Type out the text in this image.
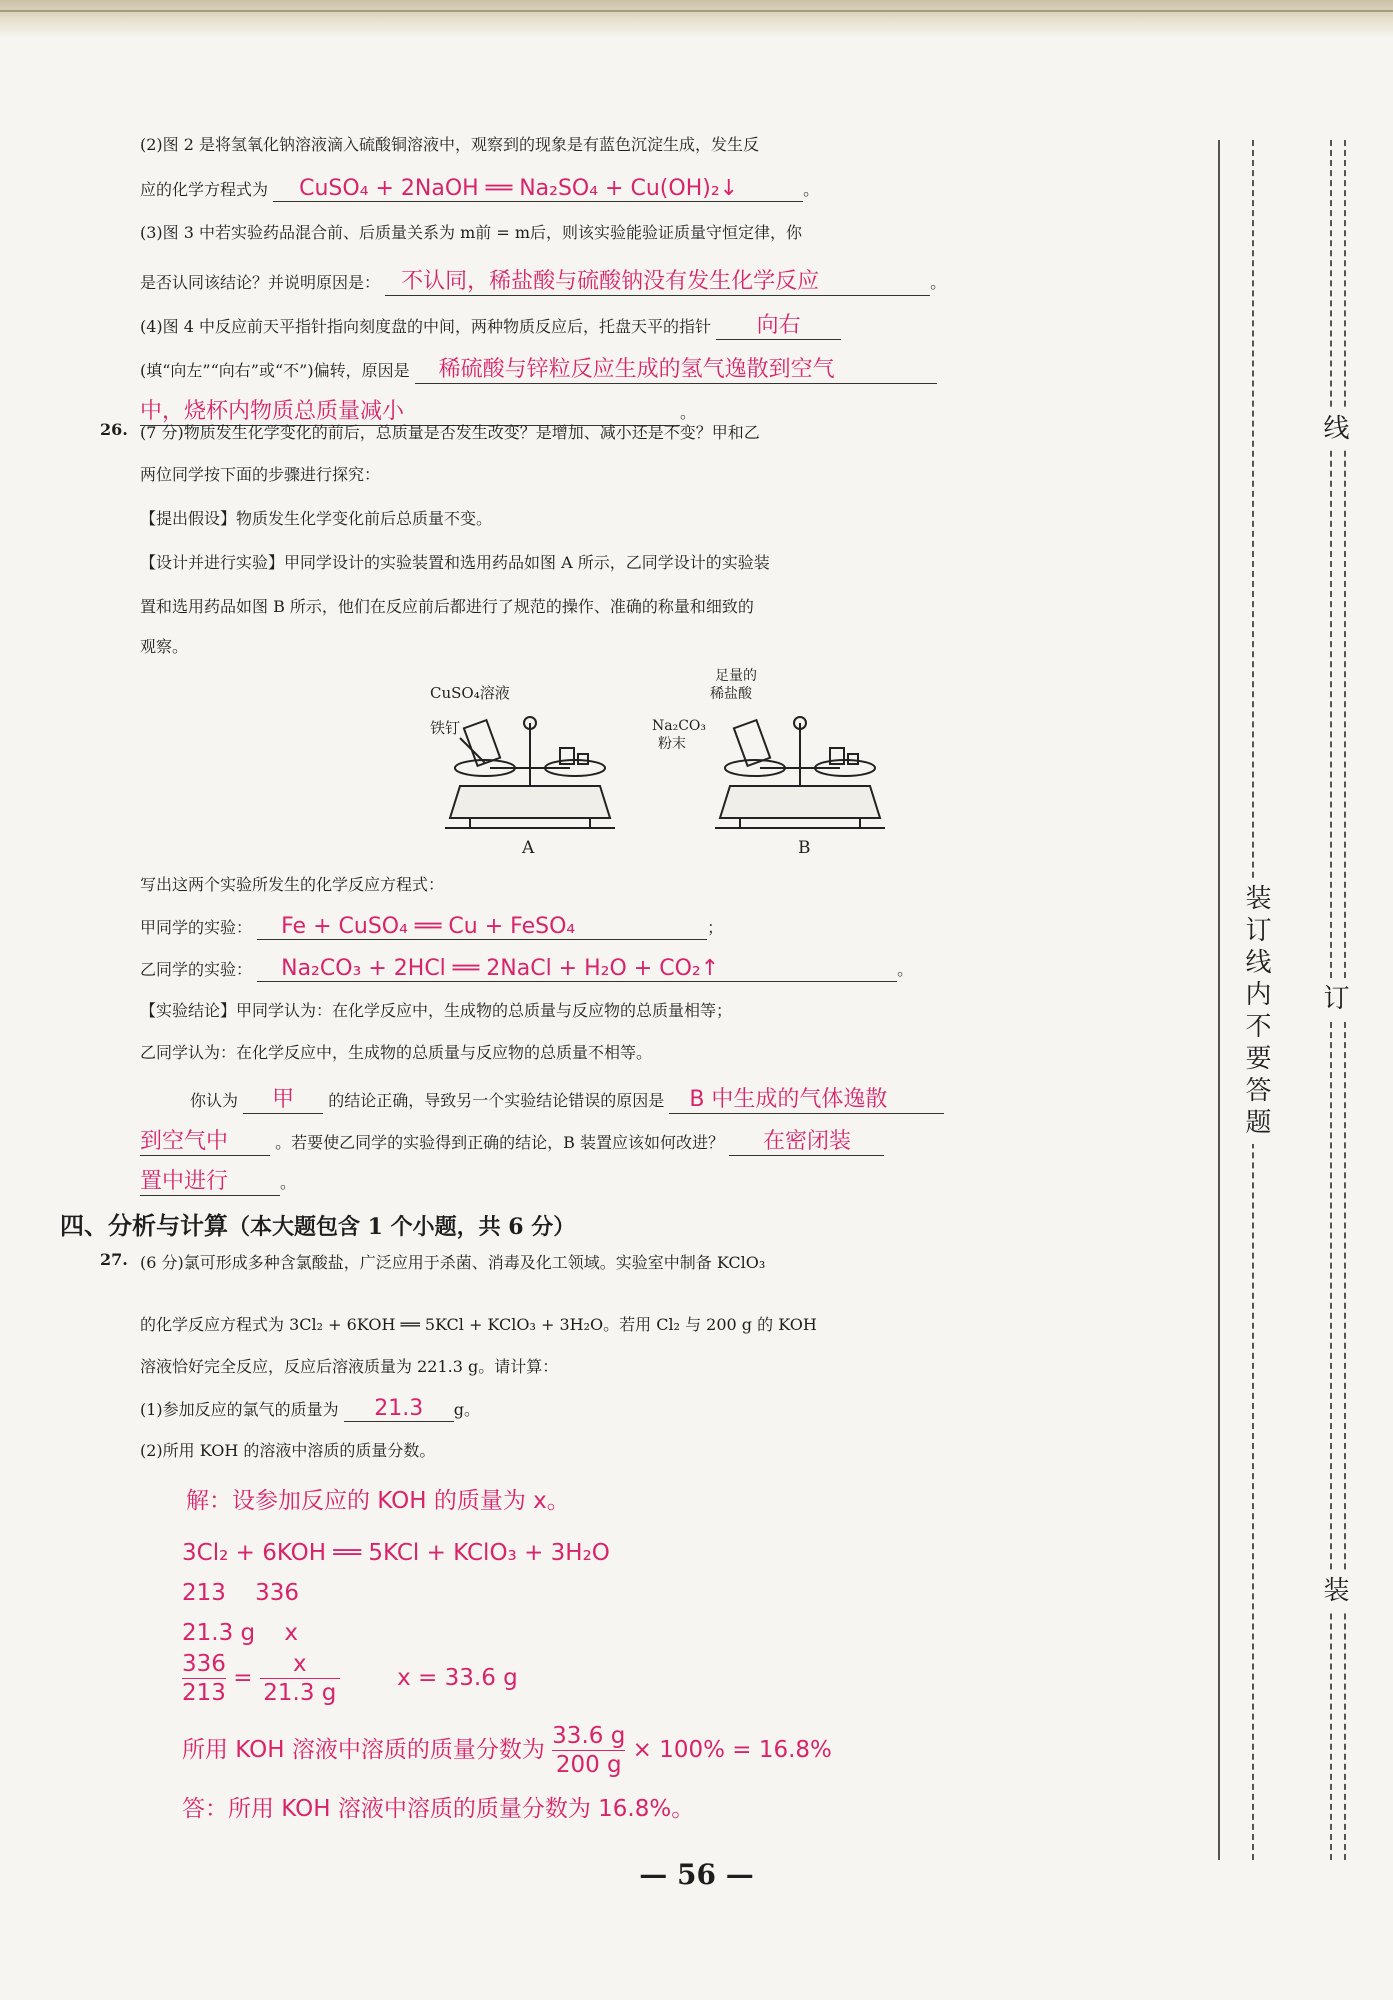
(2)图 2 是将氢氧化钠溶液滴入硫酸铜溶液中，观察到的现象是有蓝色沉淀生成，发生反
应的化学方程式为 CuSO₄ + 2NaOH ══ Na₂SO₄ + Cu(OH)₂↓	。
(3)图 3 中若实验药品混合前、后质量关系为 m前 = m后，则该实验能验证质量守恒定律，你
是否认同该结论？并说明原因是： 不认同，稀盐酸与硫酸钠没有发生化学反应	。
(4)图 4 中反应前天平指针指向刻度盘的中间，两种物质反应后，托盘天平的指针 向右
(填“向左”“向右”或“不”)偏转，原因是 稀硫酸与锌粒反应生成的氢气逸散到空气
中，烧杯内物质总质量减小	。
26. (7 分)物质发生化学变化的前后，总质量是否发生改变？是增加、减小还是不变？甲和乙
两位同学按下面的步骤进行探究：
【提出假设】物质发生化学变化前后总质量不变。
【设计并进行实验】甲同学设计的实验装置和选用药品如图 A 所示，乙同学设计的实验装
置和选用药品如图 B 所示，他们在反应前后都进行了规范的操作、准确的称量和细致的
观察。
CuSO₄溶液
铁钉
A
足量的
稀盐酸
Na₂CO₃
粉末
B
写出这两个实验所发生的化学反应方程式：
甲同学的实验： Fe + CuSO₄ ══ Cu + FeSO₄	；
乙同学的实验： Na₂CO₃ + 2HCl ══ 2NaCl + H₂O + CO₂↑	。
【实验结论】甲同学认为：在化学反应中，生成物的总质量与反应物的总质量相等；
乙同学认为：在化学反应中，生成物的总质量与反应物的总质量不相等。
你认为 甲 的结论正确，导致另一个实验结论错误的原因是 B 中生成的气体逸散
到空气中	。若要使乙同学的实验得到正确的结论，B 装置应该如何改进？ 在密闭装
置中进行	。
四、分析与计算（本大题包含 1 个小题，共 6 分）
27. (6 分)氯可形成多种含氯酸盐，广泛应用于杀菌、消毒及化工领域。实验室中制备 KClO₃
的化学反应方程式为 3Cl₂ + 6KOH ══ 5KCl + KClO₃ + 3H₂O。若用 Cl₂ 与 200 g 的 KOH
溶液恰好完全反应，反应后溶液质量为 221.3 g。请计算：
(1)参加反应的氯气的质量为 21.3 g。
(2)所用 KOH 的溶液中溶质的质量分数。
解：设参加反应的 KOH 的质量为 x。
3Cl₂ + 6KOH ══ 5KCl + KClO₃ + 3H₂O
213    336
21.3 g    x
$\frac{336}{213} = \frac{x}{21.3 g}$ x = 33.6 g
所用 KOH 溶液中溶质的质量分数为 $\frac{33.6 g}{200 g} \times 100\% = 16.8\%$
答：所用 KOH 溶液中溶质的质量分数为 16.8%。
— 56 —
线
装订线内不要答题 订
装
